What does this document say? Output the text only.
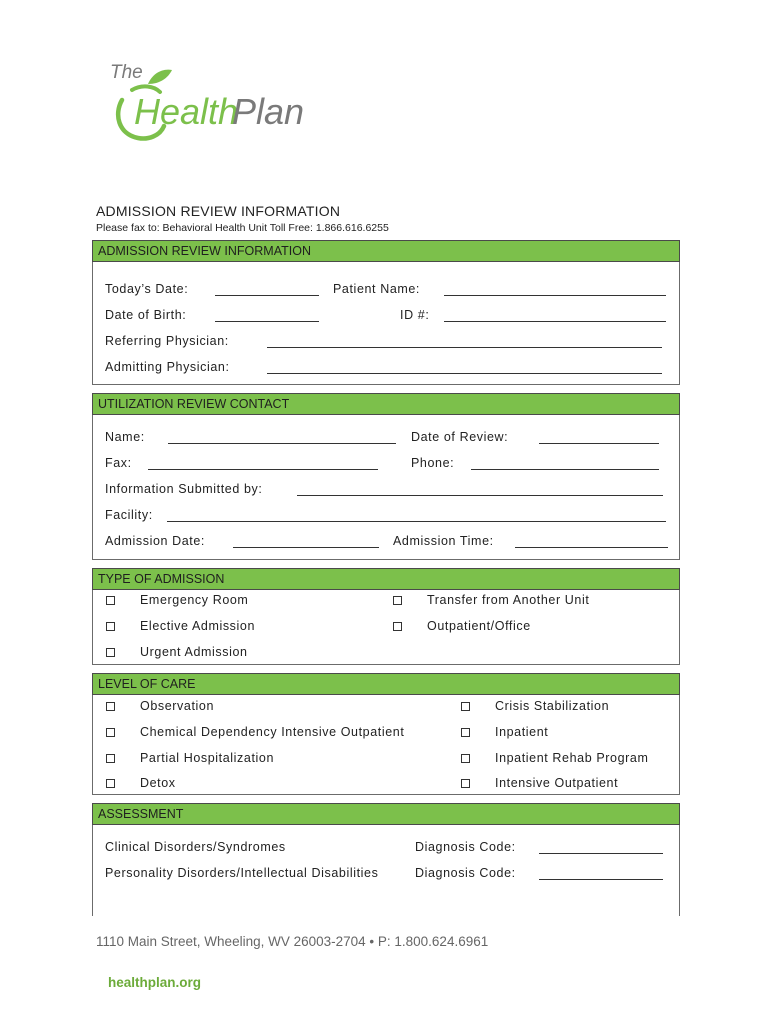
The
Health
Plan
ADMISSION REVIEW INFORMATION
Please fax to: Behavioral Health Unit Toll Free: 1.866.616.6255
ADMISSION REVIEW INFORMATION
Today’s Date:	Patient Name:
Date of Birth:	ID #:
Referring Physician:
Admitting Physician:
UTILIZATION REVIEW CONTACT
Name:	Date of Review:
Fax:	Phone:
Information Submitted by:
Facility:
Admission Date:	Admission Time:
TYPE OF ADMISSION
Emergency Room	Transfer from Another Unit
Elective Admission	Outpatient/Office
Urgent Admission
LEVEL OF CARE
Observation	Crisis Stabilization
Chemical Dependency Intensive Outpatient	Inpatient
Partial Hospitalization	Inpatient Rehab Program
Detox	Intensive Outpatient
ASSESSMENT
Clinical Disorders/Syndromes	Diagnosis Code:
Personality Disorders/Intellectual Disabilities	Diagnosis Code:
1110 Main Street, Wheeling, WV 26003-2704 • P: 1.800.624.6961
healthplan.org
